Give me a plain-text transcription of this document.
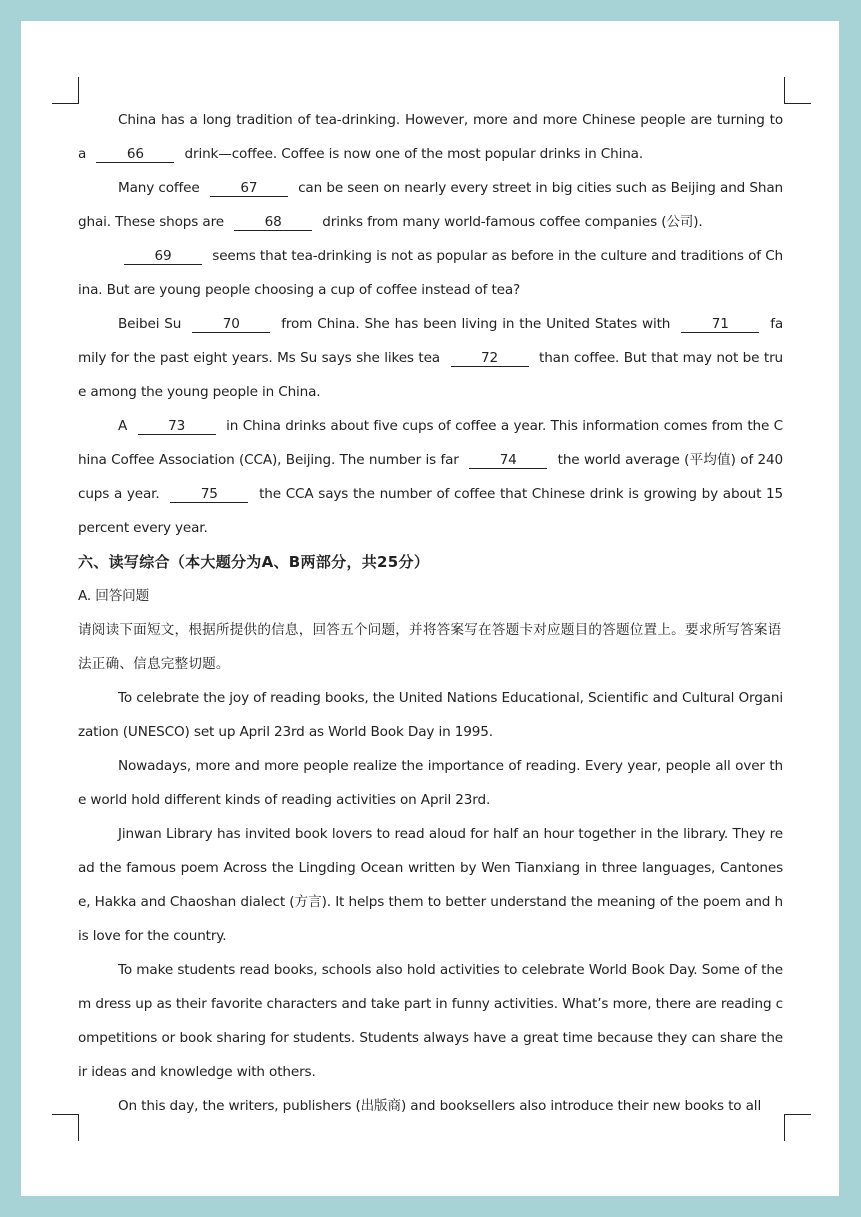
China has a long tradition of tea-drinking. However, more and more Chinese people are turning to a	66	drink—coffee. Coffee is now one of the most popular drinks in China.

Many coffee	67	can be seen on nearly every street in big cities such as Beijing and Shanghai. These shops are	68	drinks from many world-famous coffee companies (公司).

69	seems that tea-drinking is not as popular as before in the culture and traditions of China. But are young people choosing a cup of coffee instead of tea?

Beibei Su	70	from China. She has been living in the United States with	71	family for the past eight years. Ms Su says she likes tea	72	than coffee. But that may not be true among the young people in China.

A	73	in China drinks about five cups of coffee a year. This information comes from the China Coffee Association (CCA), Beijing. The number is far	74	the world average (平均值) of 240 cups a year.	75	the CCA says the number of coffee that Chinese drink is growing by about 15 percent every year.

六、读写综合（本大题分为A、B两部分，共25分）

A. 回答问题

请阅读下面短文，根据所提供的信息，回答五个问题，并将答案写在答题卡对应题目的答题位置上。要求所写答案语法正确、信息完整切题。

To celebrate the joy of reading books, the United Nations Educational, Scientific and Cultural Organization (UNESCO) set up April 23rd as World Book Day in 1995.

Nowadays, more and more people realize the importance of reading. Every year, people all over the world hold different kinds of reading activities on April 23rd.

Jinwan Library has invited book lovers to read aloud for half an hour together in the library. They read the famous poem Across the Lingding Ocean written by Wen Tianxiang in three languages, Cantonese, Hakka and Chaoshan dialect (方言). It helps them to better understand the meaning of the poem and his love for the country.

To make students read books, schools also hold activities to celebrate World Book Day. Some of them dress up as their favorite characters and take part in funny activities. What’s more, there are reading competitions or book sharing for students. Students always have a great time because they can share their ideas and knowledge with others.

On this day, the writers, publishers (出版商) and booksellers also introduce their new books to all
